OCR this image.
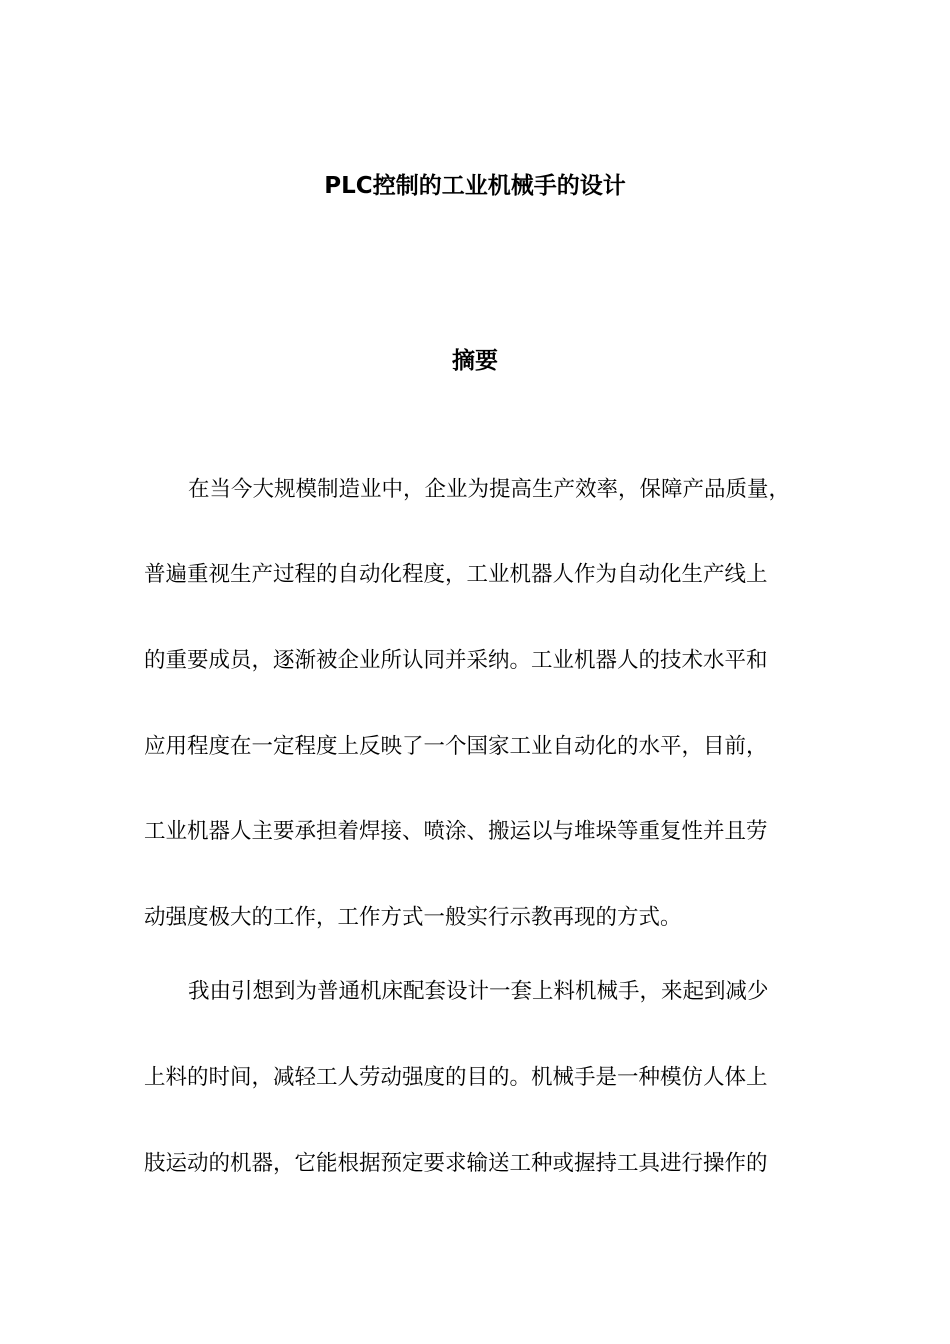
PLC控制的工业机械手的设计
摘要
在当今大规模制造业中，企业为提高生产效率，保障产品质量，
普遍重视生产过程的自动化程度，工业机器人作为自动化生产线上
的重要成员，逐渐被企业所认同并采纳。工业机器人的技术水平和
应用程度在一定程度上反映了一个国家工业自动化的水平，目前，
工业机器人主要承担着焊接、喷涂、搬运以与堆垛等重复性并且劳
动强度极大的工作，工作方式一般实行示教再现的方式。
我由引想到为普通机床配套设计一套上料机械手，来起到减少
上料的时间，减轻工人劳动强度的目的。机械手是一种模仿人体上
肢运动的机器，它能根据预定要求输送工种或握持工具进行操作的
